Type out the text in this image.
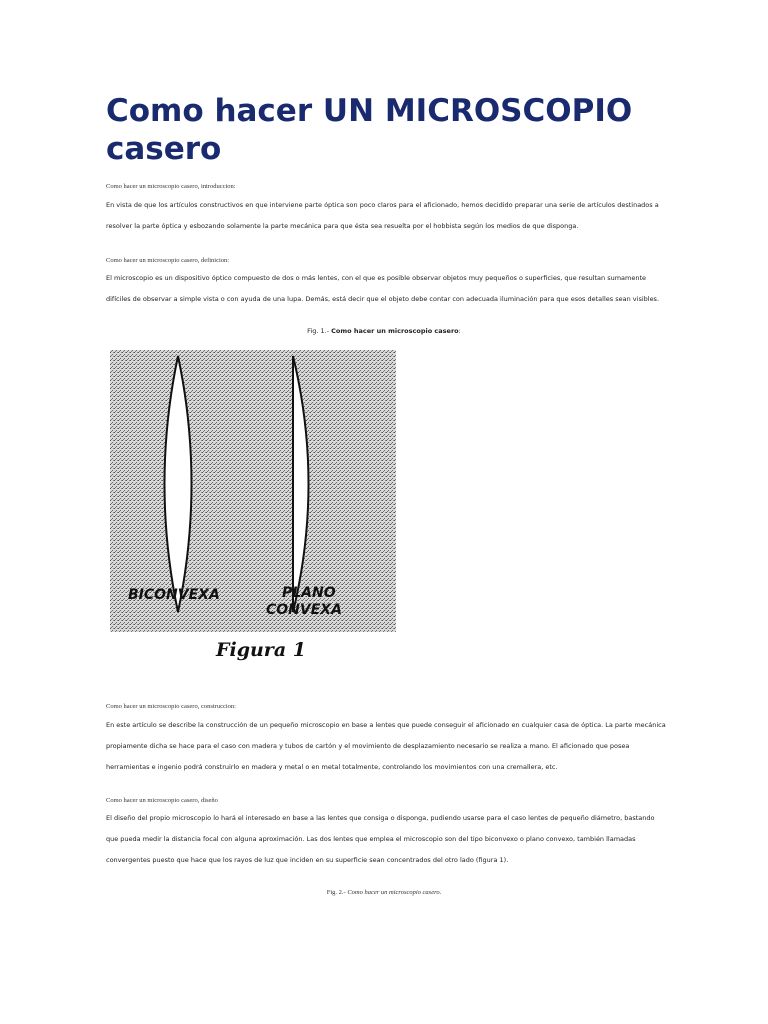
Como hacer UN MICROSCOPIO casero
Como hacer un microscopio casero, introduccion:

En vista de que los artículos constructivos en que interviene parte óptica son poco claros para el aficionado, hemos decidido preparar una serie de artículos destinados a resolver la parte óptica y esbozando solamente la parte mecánica para que ésta sea resuelta por el hobbista según los medios de que disponga.

Como hacer un microscopio casero, definicion:

El microscopio es un dispositivo óptico compuesto de dos o más lentes, con el que es posible observar objetos muy pequeños o superficies, que resultan sumamente difíciles de observar a simple vista o con ayuda de una lupa. Demás, está decir que el objeto debe contar con adecuada iluminación para que esos detalles sean visibles.

Fig. 1.- Como hacer un microscopio casero:
BICONVEXA	PLANO
CONVEXA
Figura 1
Como hacer un microscopio casero, construccion:

En este artículo se describe la construcción de un pequeño microscopio en base a lentes que puede conseguir el aficionado en cualquier casa de óptica. La parte mecánica propiamente dicha se hace para el caso con madera y tubos de cartón y el movimiento de desplazamiento necesario se realiza a mano. El aficionado que posea herramientas e ingenio podrá construirlo en madera y metal o en metal totalmente, controlando los movimientos con una cremallera, etc.

Como hacer un microscopio casero, diseño

El diseño del propio microscopio lo hará el interesado en base a las lentes que consiga o disponga, pudiendo usarse para el caso lentes de pequeño diámetro, bastando que pueda medir la distancia focal con alguna aproximación. Las dos lentes que emplea el microscopio son del tipo biconvexo o plano convexo, también llamadas convergentes puesto que hace que los rayos de luz que inciden en su superficie sean concentrados del otro lado (figura 1).

Fig. 2.- Como hacer un microscopio casero.
